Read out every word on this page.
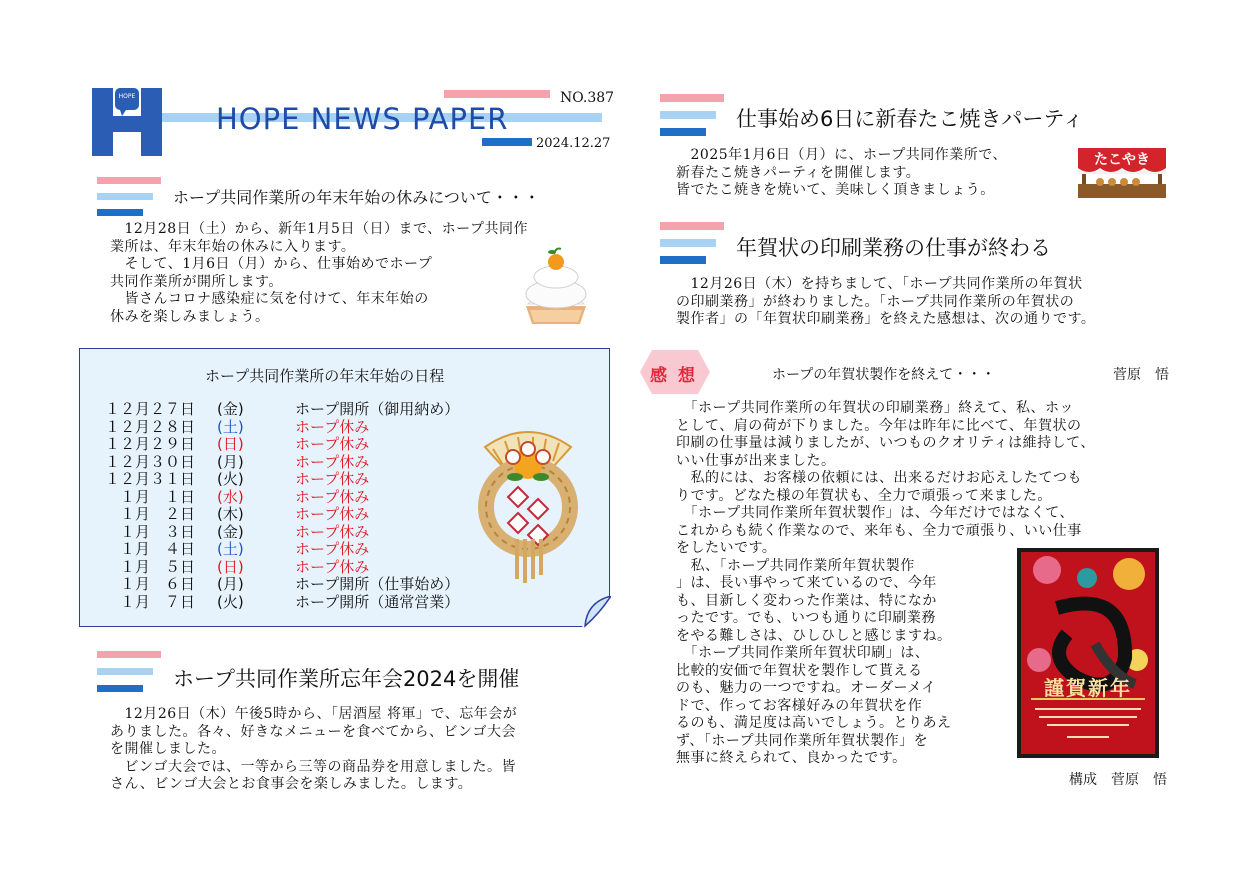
HOPE
HOPE NEWS PAPER
NO.387
2024.12.27
ホープ共同作業所の年末年始の休みについて・・・
　12月28日（土）から、新年1月5日（日）まで、ホープ共同作
業所は、年末年始の休みに入ります。
　そして、1月6日（月）から、仕事始めでホープ
共同作業所が開所します。
　皆さんコロナ感染症に気を付けて、年末年始の
休みを楽しみましょう。
ホープ共同作業所の年末年始の日程
１２月２７日 (金)	ホープ開所（御用納め）
１２月２８日 (土)	ホープ休み
１２月２９日 (日)	ホープ休み
１２月３０日 (月)	ホープ休み
１２月３１日 (火)	ホープ休み
　１月　１日 (水)	ホープ休み
　１月　２日 (木)	ホープ休み
　１月　３日 (金)	ホープ休み
　１月　４日 (土)	ホープ休み
　１月　５日 (日)	ホープ休み
　１月　６日 (月)	ホープ開所（仕事始め）
　１月　７日 (火)	ホープ開所（通常営業）
ホープ共同作業所忘年会2024を開催
　12月26日（木）午後5時から、「居酒屋 将軍」で、忘年会が
ありました。各々、好きなメニューを食べてから、ビンゴ大会
を開催しました。
　ビンゴ大会では、一等から三等の商品券を用意しました。皆
さん、ビンゴ大会とお食事会を楽しみました。します。
仕事始め6日に新春たこ焼きパーティ
　2025年1月6日（月）に、ホープ共同作業所で、
新春たこ焼きパーティを開催します。
皆でたこ焼きを焼いて、美味しく頂きましょう。
たこやき
年賀状の印刷業務の仕事が終わる
　12月26日（木）を持ちまして、「ホープ共同作業所の年賀状
の印刷業務」が終わりました。「ホープ共同作業所の年賀状の
製作者」の「年賀状印刷業務」を終えた感想は、次の通りです。
感 想	ホープの年賀状製作を終えて・・・	菅原　悟
　「ホープ共同作業所の年賀状の印刷業務」終えて、私、ホッ
として、肩の荷が下りました。今年は昨年に比べて、年賀状の
印刷の仕事量は減りましたが、いつものクオリティは維持して、
いい仕事が出来ました。
　私的には、お客様の依頼には、出来るだけお応えしたてつも
りです。どなた様の年賀状も、全力で頑張って来ました。
　「ホープ共同作業所年賀状製作」は、今年だけではなくて、
これからも続く作業なので、来年も、全力で頑張り、いい仕事
をしたいです。
　私、「ホープ共同作業所年賀状製作
」は、長い事やって来ているので、今年
も、目新しく変わった作業は、特になか
ったです。でも、いつも通りに印刷業務
をやる難しさは、ひしひしと感じますね。
　「ホープ共同作業所年賀状印刷」は、
比較的安価で年賀状を製作して貰える
のも、魅力の一つですね。オーダーメイ
ドで、作ってお客様好みの年賀状を作
るのも、満足度は高いでしょう。とりあえ
ず、「ホープ共同作業所年賀状製作」を
無事に終えられて、良かったです。
謹賀新年
構成　菅原　悟
